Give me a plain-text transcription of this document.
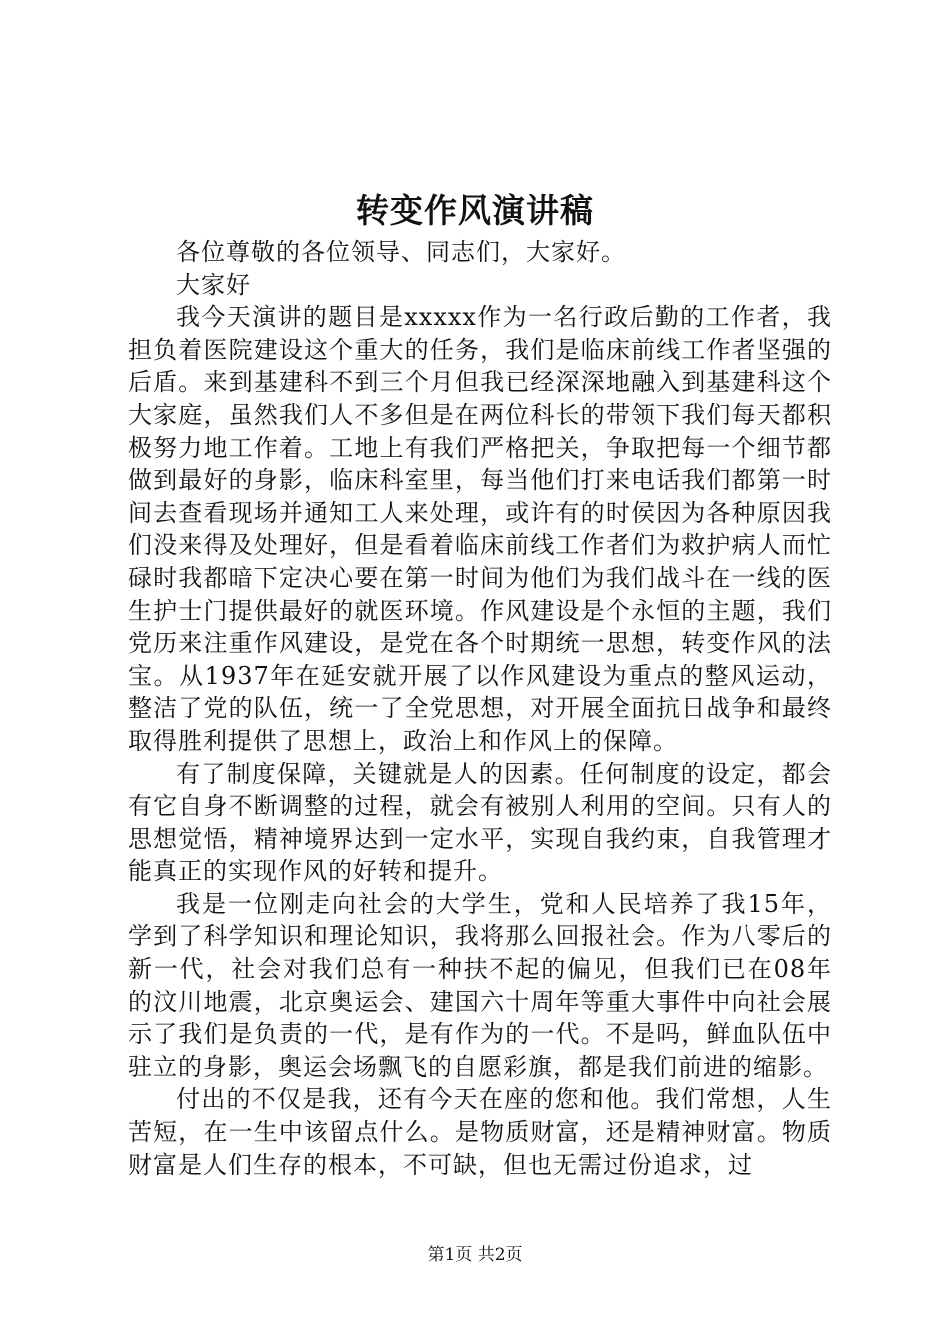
转变作风演讲稿

各位尊敬的各位领导、同志们，大家好。

大家好

我今天演讲的题目是xxxxx作为一名行政后勤的工作者，我担负着医院建设这个重大的任务，我们是临床前线工作者坚强的后盾。来到基建科不到三个月但我已经深深地融入到基建科这个大家庭，虽然我们人不多但是在两位科长的带领下我们每天都积极努力地工作着。工地上有我们严格把关，争取把每一个细节都做到最好的身影，临床科室里，每当他们打来电话我们都第一时间去查看现场并通知工人来处理，或许有的时侯因为各种原因我们没来得及处理好，但是看着临床前线工作者们为救护病人而忙碌时我都暗下定决心要在第一时间为他们为我们战斗在一线的医生护士门提供最好的就医环境。作风建设是个永恒的主题，我们党历来注重作风建设，是党在各个时期统一思想，转变作风的法宝。从1937年在延安就开展了以作风建设为重点的整风运动，整洁了党的队伍，统一了全党思想，对开展全面抗日战争和最终取得胜利提供了思想上，政治上和作风上的保障。

有了制度保障，关键就是人的因素。任何制度的设定，都会有它自身不断调整的过程，就会有被别人利用的空间。只有人的思想觉悟，精神境界达到一定水平，实现自我约束，自我管理才能真正的实现作风的好转和提升。

我是一位刚走向社会的大学生，党和人民培养了我15年，学到了科学知识和理论知识，我将那么回报社会。作为八零后的新一代，社会对我们总有一种扶不起的偏见，但我们已在08年的汶川地震，北京奥运会、建国六十周年等重大事件中向社会展示了我们是负责的一代，是有作为的一代。不是吗，鲜血队伍中驻立的身影，奥运会场飘飞的自愿彩旗，都是我们前进的缩影。

付出的不仅是我，还有今天在座的您和他。我们常想，人生苦短，在一生中该留点什么。是物质财富，还是精神财富。物质财富是人们生存的根本，不可缺，但也无需过份追求，过

第1页 共2页
